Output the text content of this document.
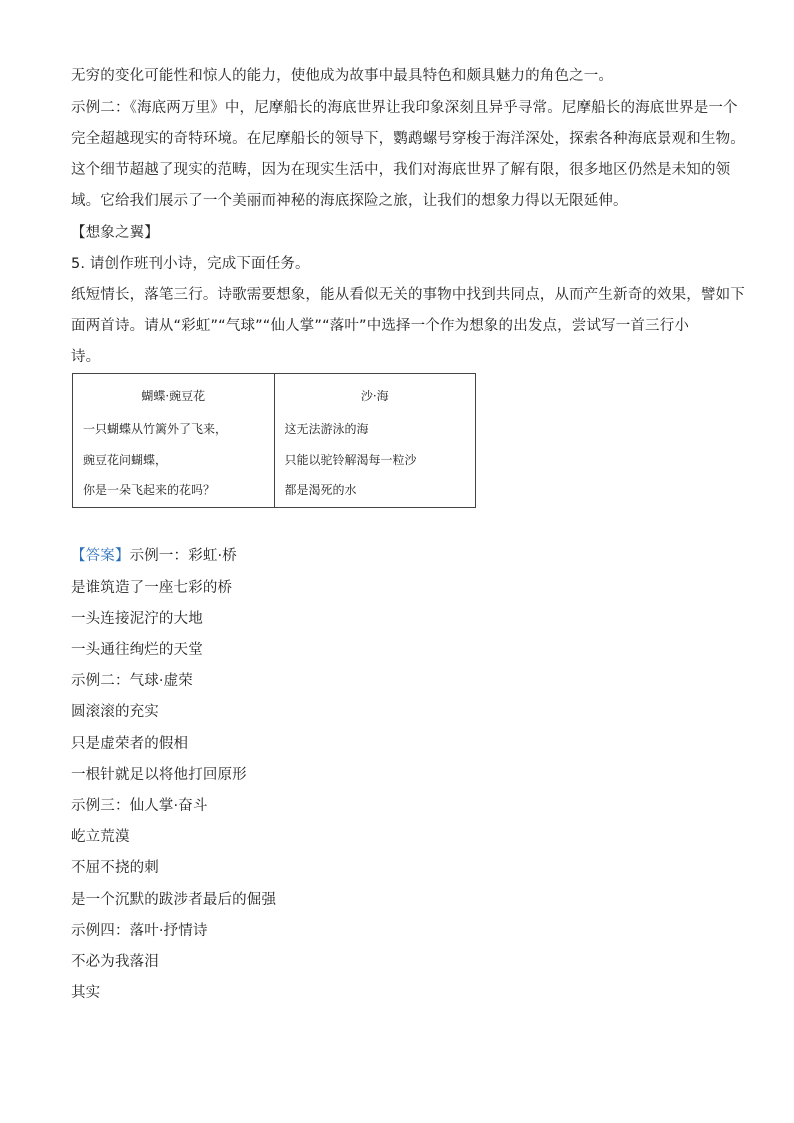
无穷的变化可能性和惊人的能力，使他成为故事中最具特色和颇具魅力的角色之一。
示例二：《海底两万里》中，尼摩船长的海底世界让我印象深刻且异乎寻常。尼摩船长的海底世界是一个
完全超越现实的奇特环境。在尼摩船长的领导下，鹦鹉螺号穿梭于海洋深处，探索各种海底景观和生物。
这个细节超越了现实的范畴，因为在现实生活中，我们对海底世界了解有限，很多地区仍然是未知的领
域。它给我们展示了一个美丽而神秘的海底探险之旅，让我们的想象力得以无限延伸。
【想象之翼】
5. 请创作班刊小诗，完成下面任务。
纸短情长，落笔三行。诗歌需要想象，能从看似无关的事物中找到共同点，从而产生新奇的效果，譬如下
面两首诗。请从“彩虹”“气球”“仙人掌”“落叶”中选择一个作为想象的出发点，尝试写一首三行小
诗。
蝴蝶·豌豆花
一只蝴蝶从竹篱外了飞来，
豌豆花问蝴蝶，
你是一朵飞起来的花吗？

沙·海
这无法游泳的海
只能以驼铃解渴每一粒沙
都是渴死的水
【答案】示例一：彩虹·桥
是谁筑造了一座七彩的桥
一头连接泥泞的大地
一头通往绚烂的天堂
示例二：气球·虚荣
圆滚滚的充实
只是虚荣者的假相
一根针就足以将他打回原形
示例三：仙人掌·奋斗
屹立荒漠
不屈不挠的刺
是一个沉默的跋涉者最后的倔强
示例四：落叶·抒情诗
不必为我落泪
其实
